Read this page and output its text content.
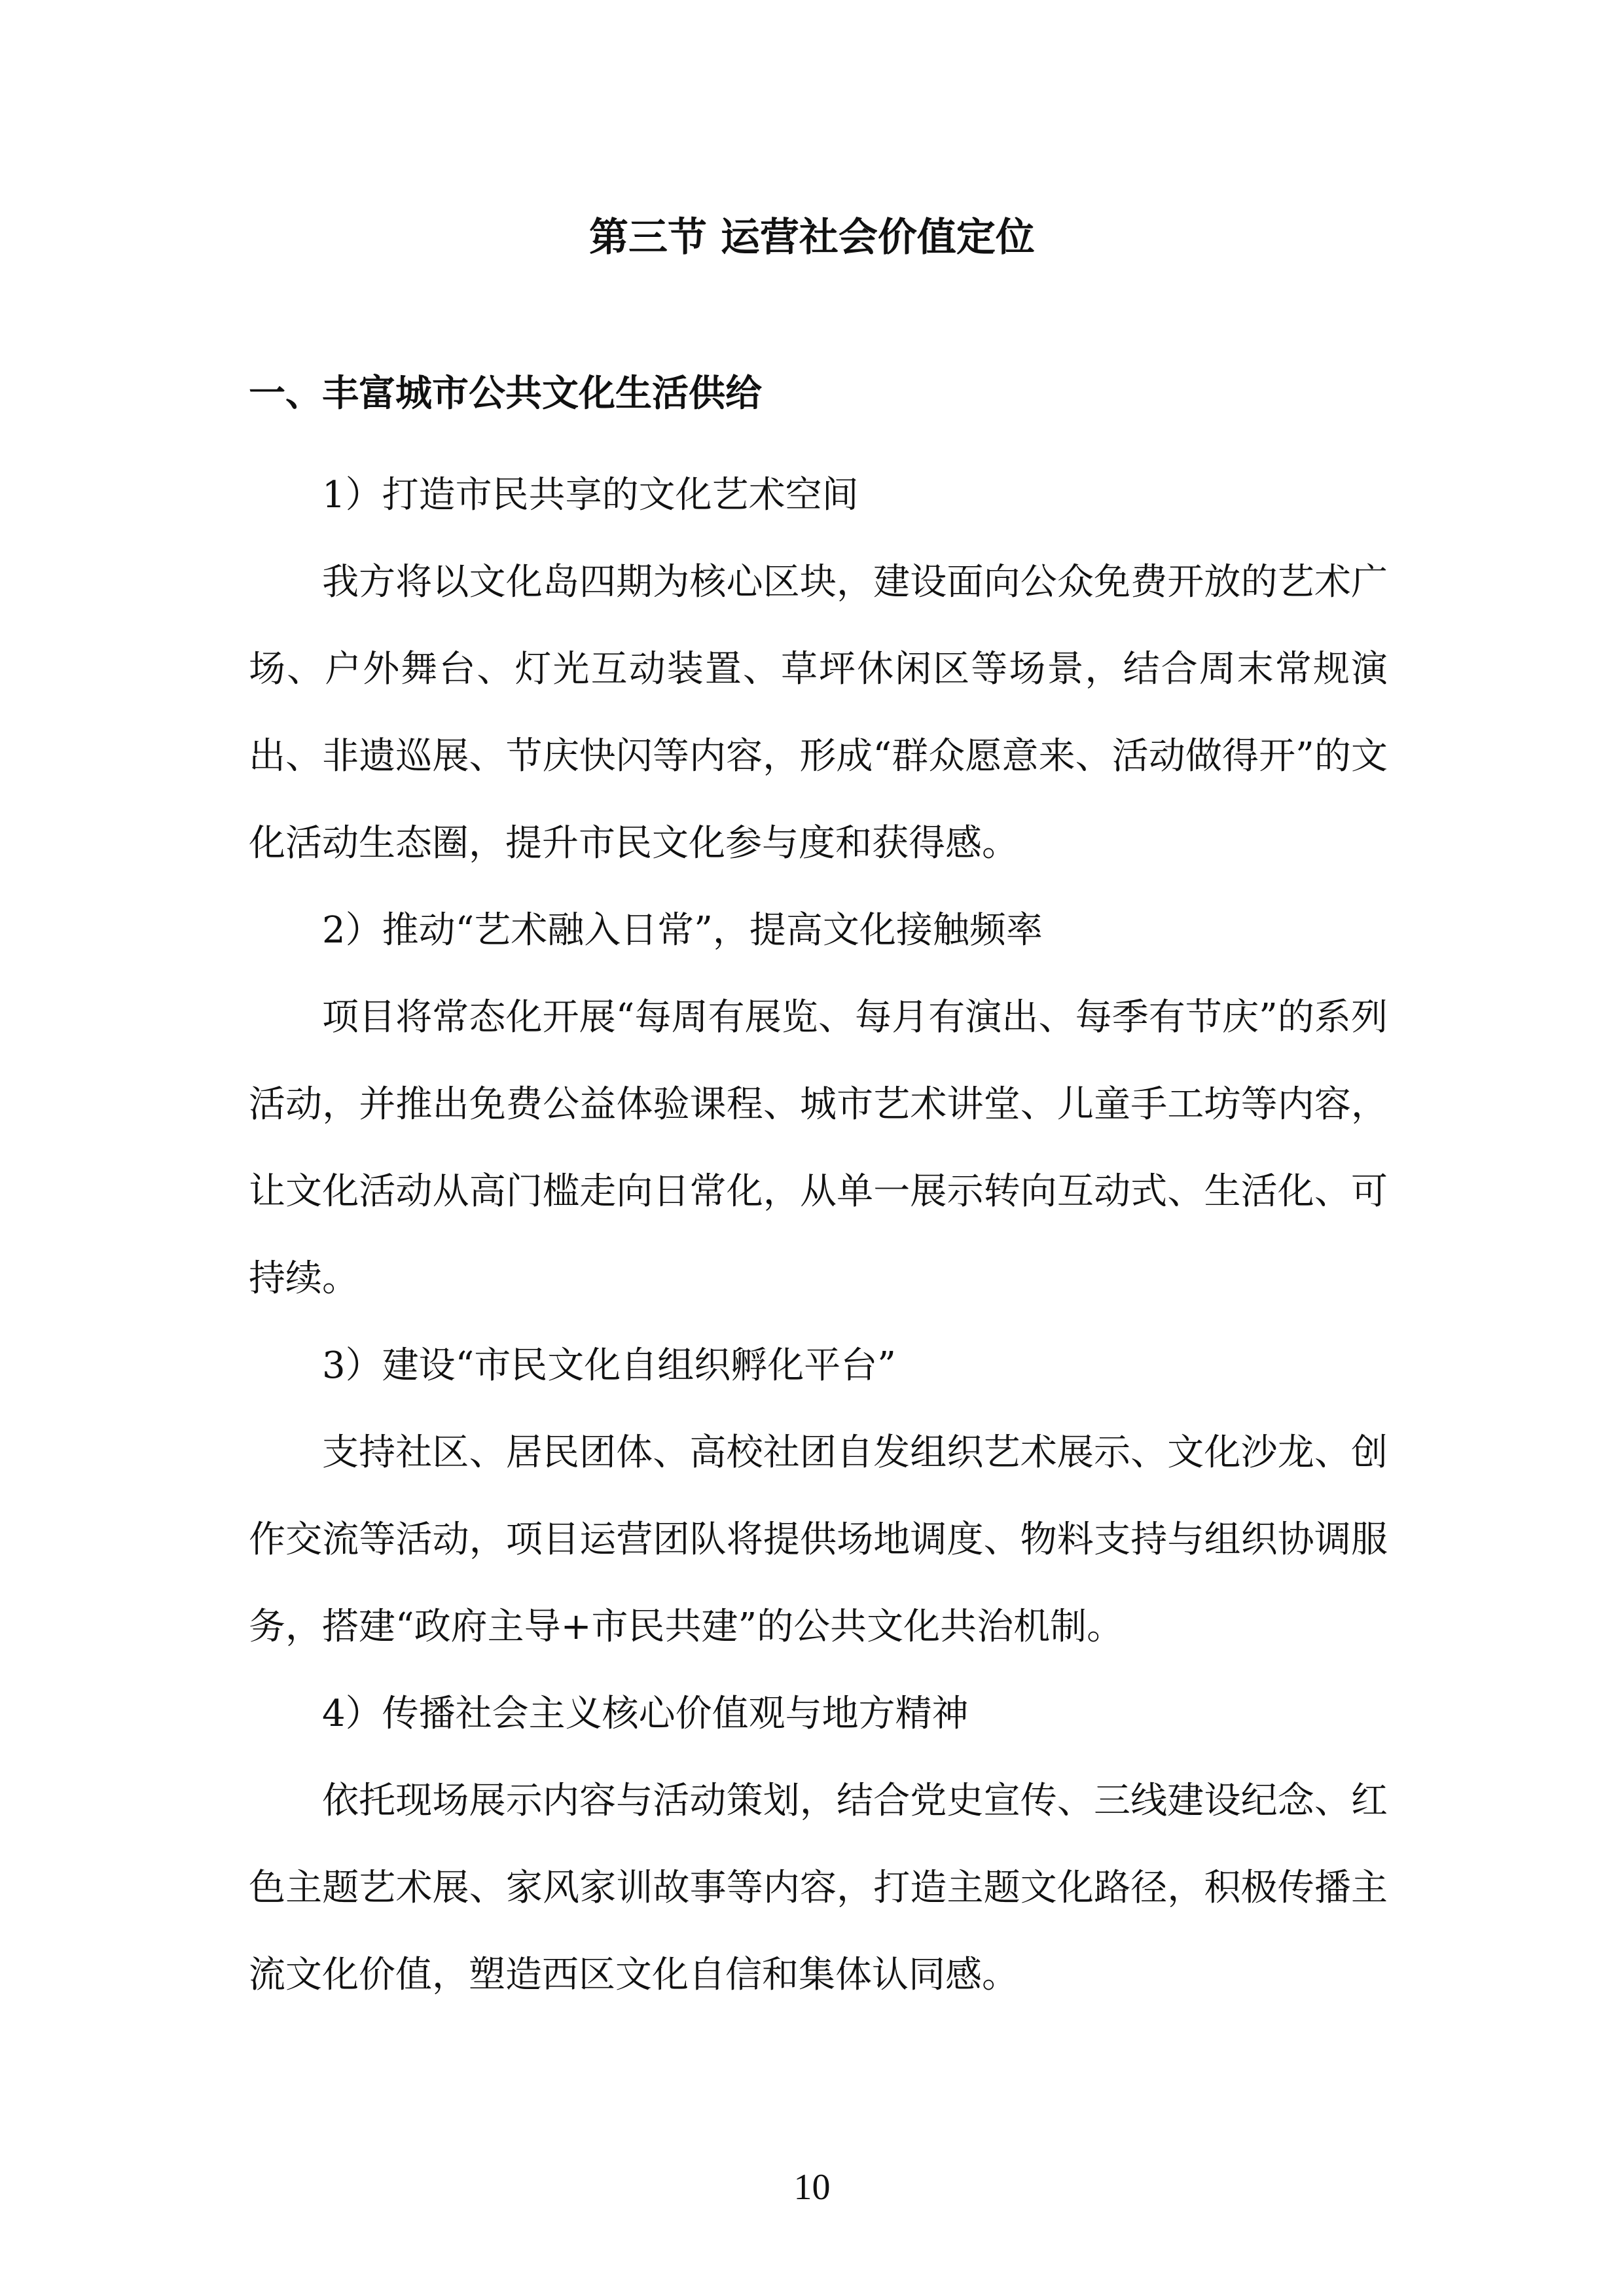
第三节 运营社会价值定位
一、丰富城市公共文化生活供给

1）打造市民共享的文化艺术空间

我方将以文化岛四期为核心区块，建设面向公众免费开放的艺术广场、户外舞台、灯光互动装置、草坪休闲区等场景，结合周末常规演出、非遗巡展、节庆快闪等内容，形成“群众愿意来、活动做得开”的文化活动生态圈，提升市民文化参与度和获得感。

2）推动“艺术融入日常”，提高文化接触频率

项目将常态化开展“每周有展览、每月有演出、每季有节庆”的系列活动，并推出免费公益体验课程、城市艺术讲堂、儿童手工坊等内容，让文化活动从高门槛走向日常化，从单一展示转向互动式、生活化、可持续。

3）建设“市民文化自组织孵化平台”

支持社区、居民团体、高校社团自发组织艺术展示、文化沙龙、创作交流等活动，项目运营团队将提供场地调度、物料支持与组织协调服务，搭建“政府主导+市民共建”的公共文化共治机制。

4）传播社会主义核心价值观与地方精神

依托现场展示内容与活动策划，结合党史宣传、三线建设纪念、红色主题艺术展、家风家训故事等内容，打造主题文化路径，积极传播主流文化价值，塑造西区文化自信和集体认同感。

10
